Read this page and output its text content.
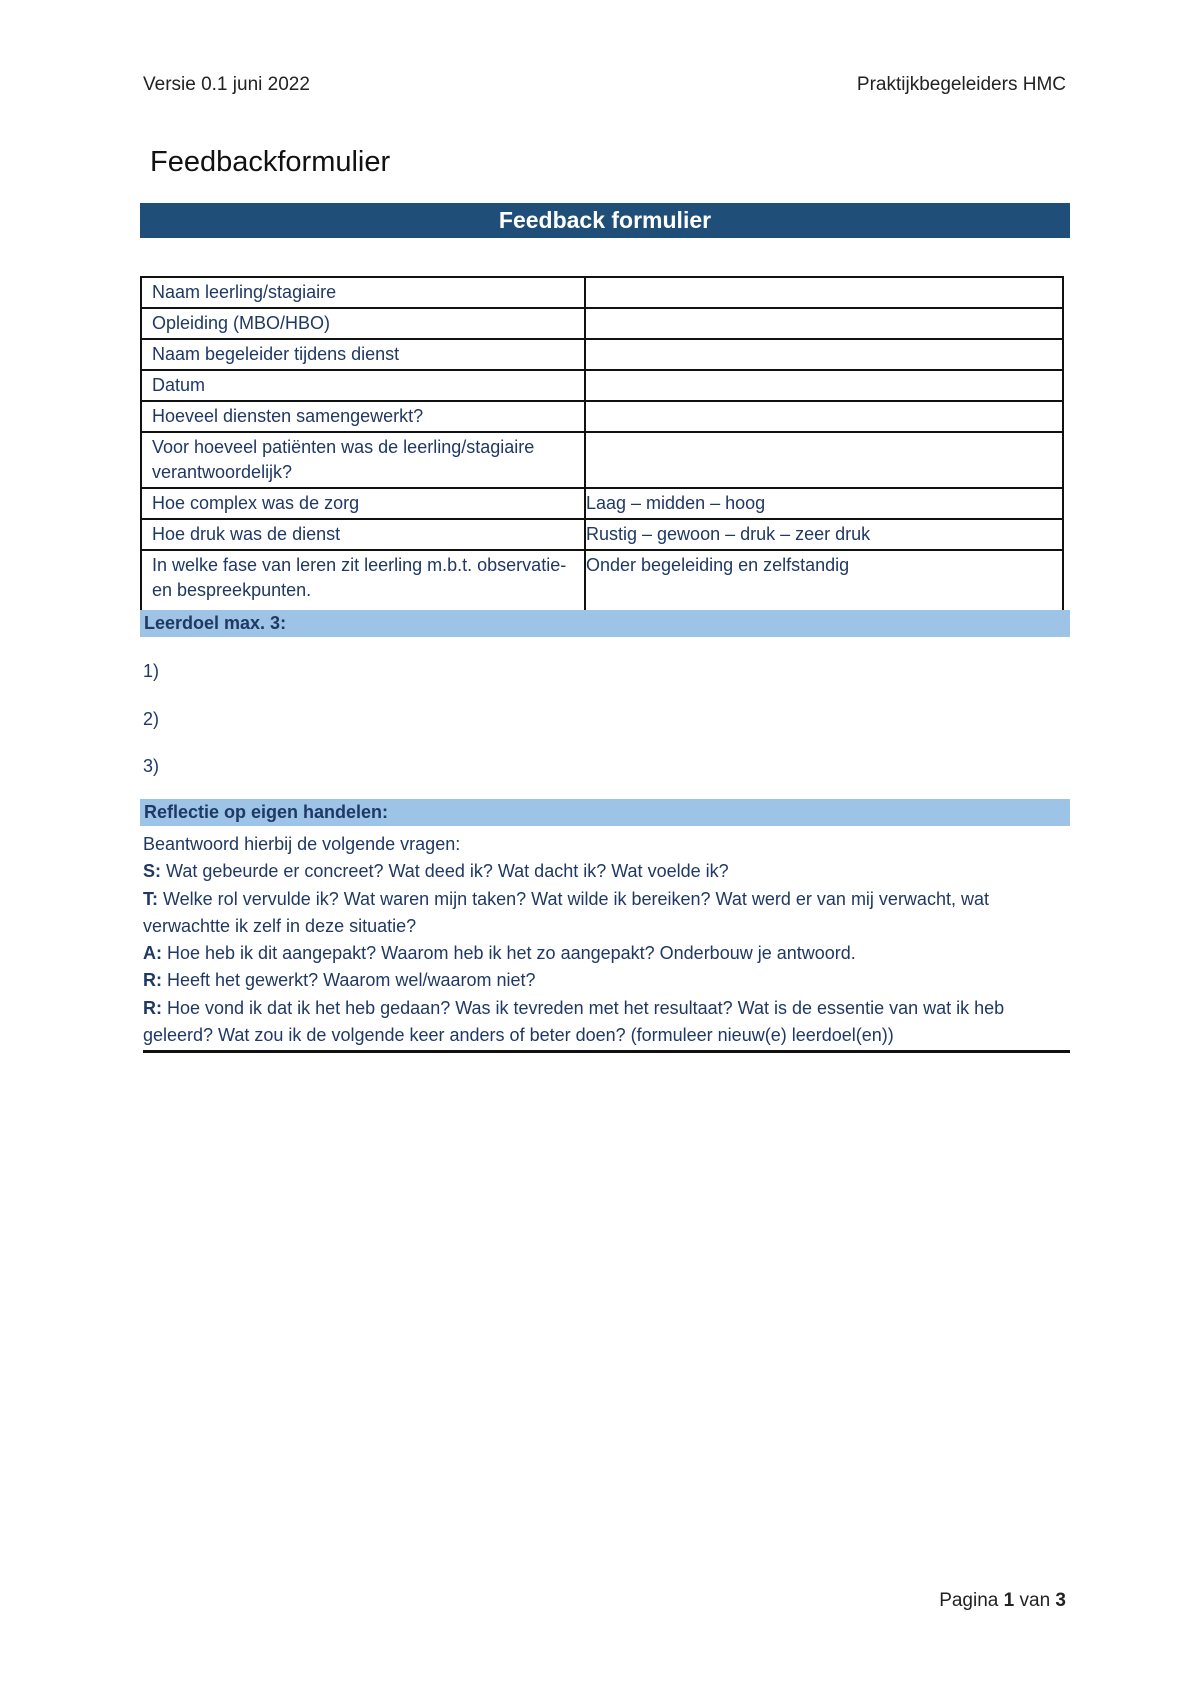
Versie 0.1 juni 2022	Praktijkbegeleiders HMC
Feedbackformulier
Feedback formulier
Naam leerling/stagiaire	
Opleiding (MBO/HBO)	
Naam begeleider tijdens dienst	
Datum	
Hoeveel diensten samengewerkt?	
Voor hoeveel patiënten was de leerling/stagiaire verantwoordelijk?	
Hoe complex was de zorg	Laag – midden – hoog
Hoe druk was de dienst	Rustig – gewoon – druk – zeer druk
In welke fase van leren zit leerling m.b.t. observatie- en bespreekpunten.	Onder begeleiding en zelfstandig
Leerdoel max. 3:
1)
2)
3)
Reflectie op eigen handelen:

Beantwoord hierbij de volgende vragen:

S: Wat gebeurde er concreet? Wat deed ik? Wat dacht ik? Wat voelde ik?

T: Welke rol vervulde ik? Wat waren mijn taken? Wat wilde ik bereiken? Wat werd er van mij verwacht, wat verwachtte ik zelf in deze situatie?

A: Hoe heb ik dit aangepakt? Waarom heb ik het zo aangepakt? Onderbouw je antwoord.

R: Heeft het gewerkt? Waarom wel/waarom niet?

R: Hoe vond ik dat ik het heb gedaan? Was ik tevreden met het resultaat? Wat is de essentie van wat ik heb geleerd? Wat zou ik de volgende keer anders of beter doen? (formuleer nieuw(e) leerdoel(en))

Pagina 1 van 3
